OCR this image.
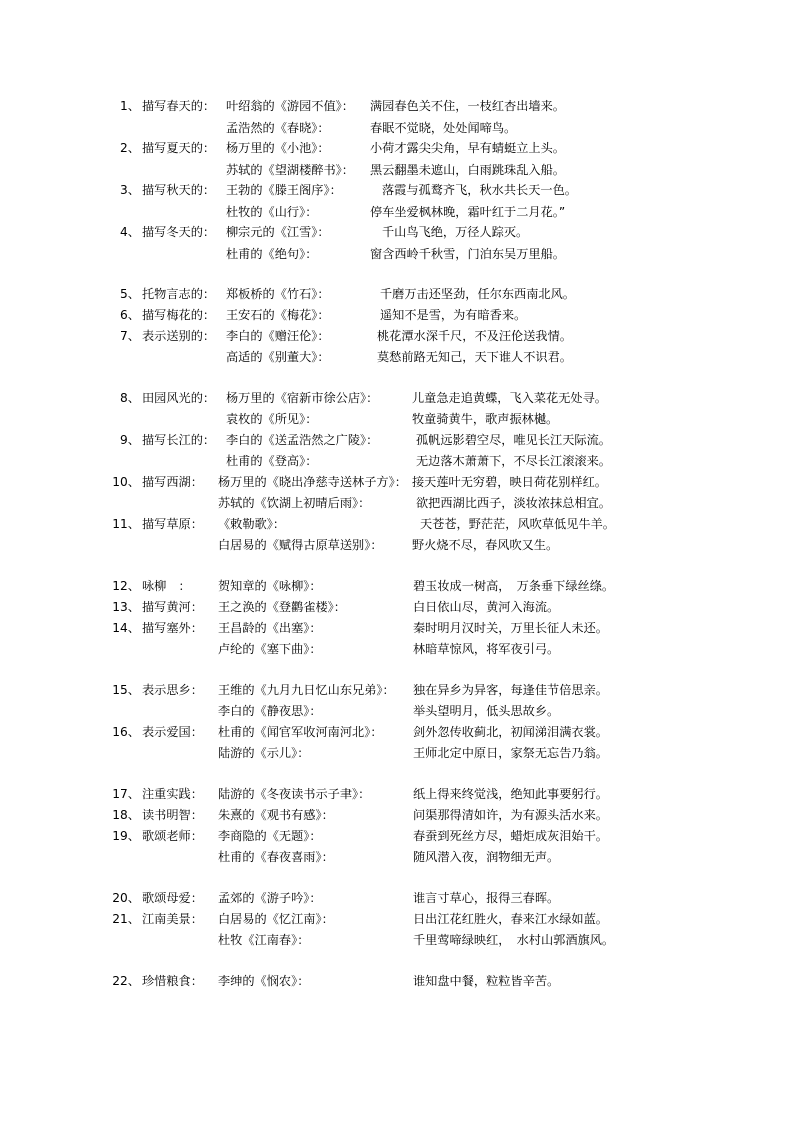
1、 描写春天的： 叶绍翁的《游园不值》： 满园春色关不住，一枝红杏出墙来。
孟浩然的《春晓》：	春眠不觉晓，处处闻啼鸟。
2、 描写夏天的： 杨万里的《小池》：	小荷才露尖尖角，早有蜻蜓立上头。
苏轼的《望湖楼醉书》： 黑云翻墨未遮山，白雨跳珠乱入船。
3、 描写秋天的： 王勃的《滕王阁序》：	落霞与孤鹜齐飞，秋水共长天一色。
杜牧的《山行》：	停车坐爱枫林晚，霜叶红于二月花。”
4、 描写冬天的： 柳宗元的《江雪》：	千山鸟飞绝，万径人踪灭。
杜甫的《绝句》：	窗含西岭千秋雪，门泊东吴万里船。
5、 托物言志的： 郑板桥的《竹石》：	千磨万击还坚劲，任尔东西南北风。
6、 描写梅花的： 王安石的《梅花》：	遥知不是雪，为有暗香来。
7、 表示送别的： 李白的《赠汪伦》：	桃花潭水深千尺，不及汪伦送我情。
高适的《别董大》：	莫愁前路无知己，天下谁人不识君。
8、 田园风光的： 杨万里的《宿新市徐公店》：	儿童急走追黄蝶，飞入菜花无处寻。
袁枚的《所见》：	牧童骑黄牛，歌声振林樾。
9、 描写长江的： 李白的《送孟浩然之广陵》：	孤帆远影碧空尽，唯见长江天际流。
杜甫的《登高》：	无边落木萧萧下，不尽长江滚滚来。
10、 描写西湖： 杨万里的《晓出净慈寺送林子方》： 接天莲叶无穷碧，映日荷花别样红。
苏轼的《饮湖上初晴后雨》：	欲把西湖比西子，淡妆浓抹总相宜。
11、 描写草原： 《敕勒歌》：	天苍苍，野茫茫，风吹草低见牛羊。
白居易的《赋得古原草送别》： 野火烧不尽，春风吹又生。
12、 咏柳　： 贺知章的《咏柳》：	碧玉妆成一树高，　万条垂下绿丝绦。
13、 描写黄河： 王之涣的《登鹳雀楼》：	白日依山尽，黄河入海流。
14、 描写塞外： 王昌龄的《出塞》：	秦时明月汉时关，万里长征人未还。
卢纶的《塞下曲》：	林暗草惊风，将军夜引弓。
15、 表示思乡： 王维的《九月九日忆山东兄弟》： 独在异乡为异客，每逢佳节倍思亲。
李白的《静夜思》：	举头望明月，低头思故乡。
16、 表示爱国： 杜甫的《闻官军收河南河北》： 剑外忽传收蓟北，初闻涕泪满衣裳。
陆游的《示儿》：	王师北定中原日，家祭无忘告乃翁。
17、 注重实践： 陆游的《冬夜读书示子聿》：	纸上得来终觉浅，绝知此事要躬行。
18、 读书明智： 朱熹的《观书有感》：	问渠那得清如许，为有源头活水来。
19、 歌颂老师： 李商隐的《无题》：	春蚕到死丝方尽，蜡炬成灰泪始干。
杜甫的《春夜喜雨》：	随风潜入夜，润物细无声。
20、 歌颂母爱： 孟郊的《游子吟》：	谁言寸草心，报得三春晖。
21、 江南美景： 白居易的《忆江南》：	日出江花红胜火，春来江水绿如蓝。
杜牧《江南春》：	千里莺啼绿映红，　水村山郭酒旗风。
22、 珍惜粮食： 李绅的《悯农》：	谁知盘中餐，粒粒皆辛苦。
